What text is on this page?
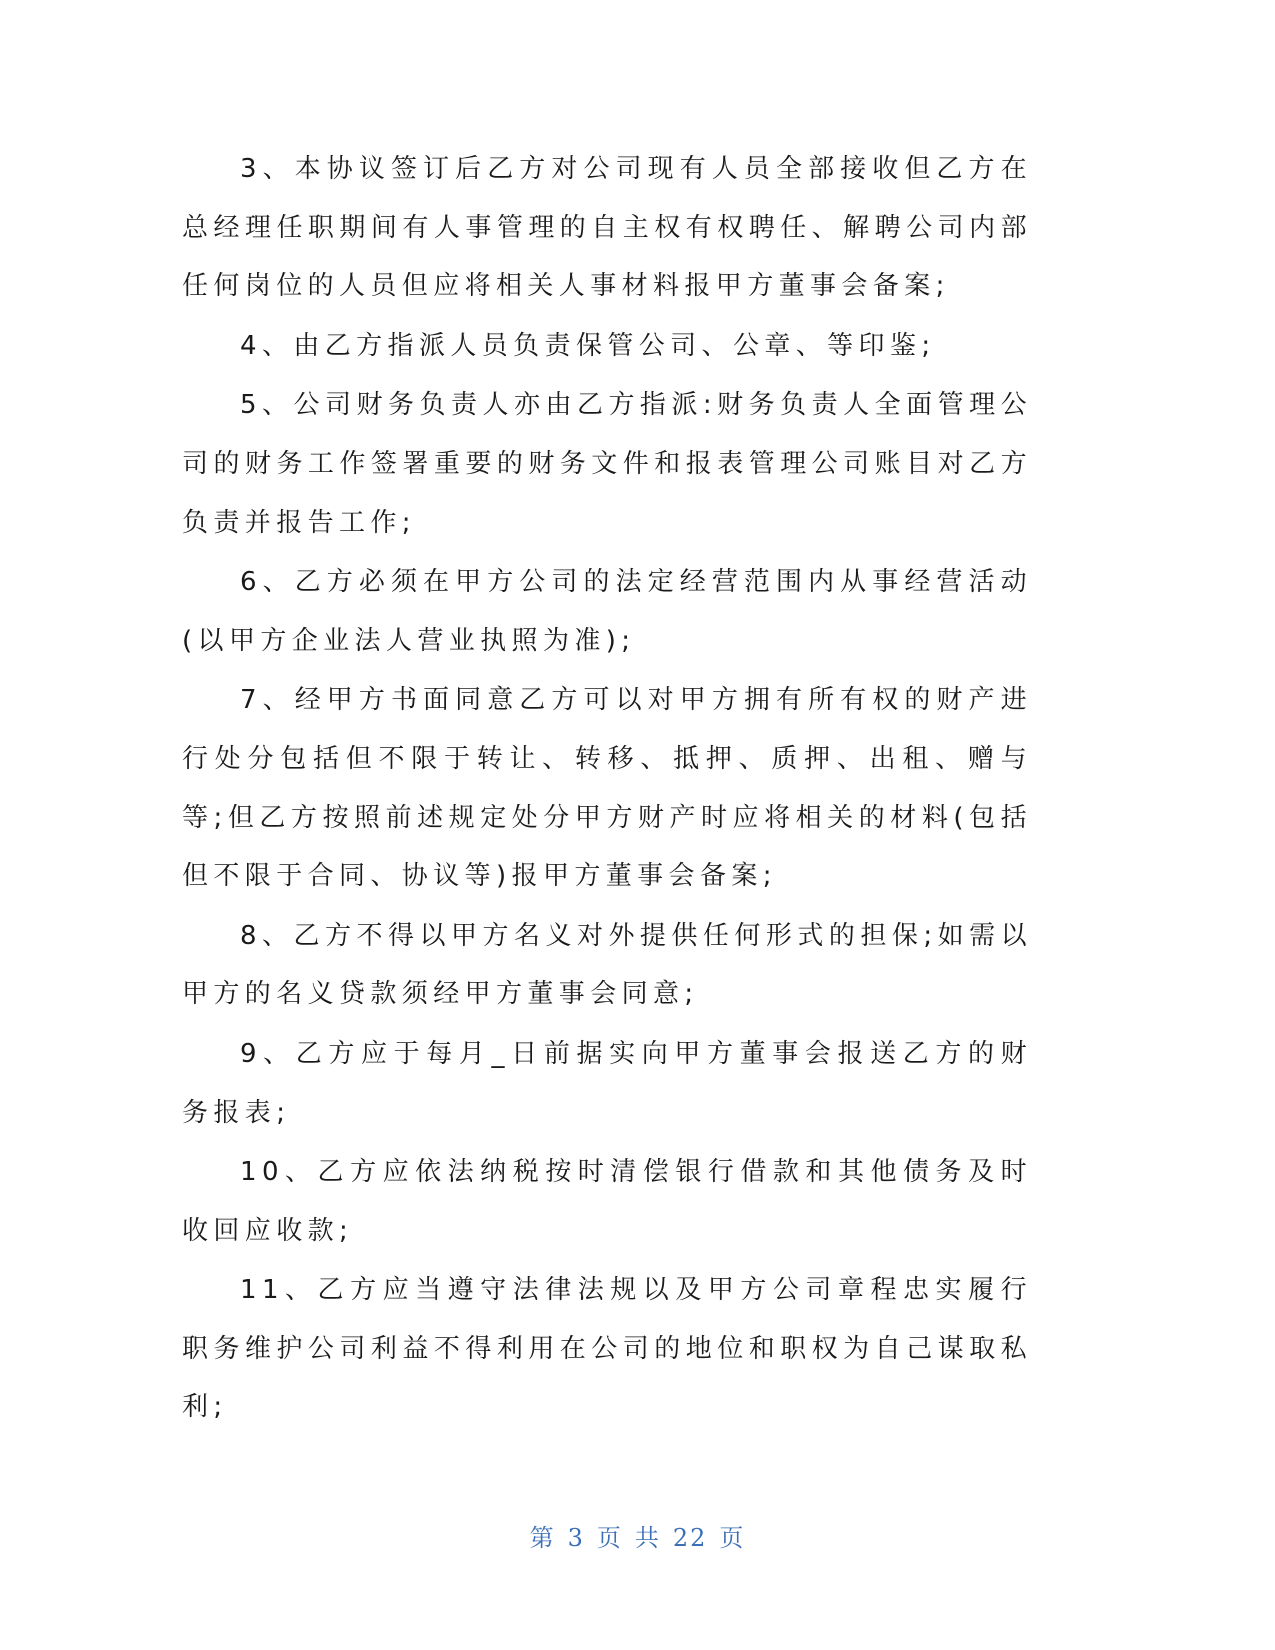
3、本协议签订后乙方对公司现有人员全部接收但乙方在总经理任职期间有人事管理的自主权有权聘任、解聘公司内部任何岗位的人员但应将相关人事材料报甲方董事会备案;

4、由乙方指派人员负责保管公司、公章、等印鉴;

5、公司财务负责人亦由乙方指派:财务负责人全面管理公司的财务工作签署重要的财务文件和报表管理公司账目对乙方负责并报告工作;

6、乙方必须在甲方公司的法定经营范围内从事经营活动(以甲方企业法人营业执照为准);

7、经甲方书面同意乙方可以对甲方拥有所有权的财产进行处分包括但不限于转让、转移、抵押、质押、出租、赠与等;但乙方按照前述规定处分甲方财产时应将相关的材料(包括但不限于合同、协议等)报甲方董事会备案;

8、乙方不得以甲方名义对外提供任何形式的担保;如需以甲方的名义贷款须经甲方董事会同意;

9、乙方应于每月_日前据实向甲方董事会报送乙方的财务报表;

10、乙方应依法纳税按时清偿银行借款和其他债务及时收回应收款;

11、乙方应当遵守法律法规以及甲方公司章程忠实履行职务维护公司利益不得利用在公司的地位和职权为自己谋取私利;

第 3 页 共 22 页
